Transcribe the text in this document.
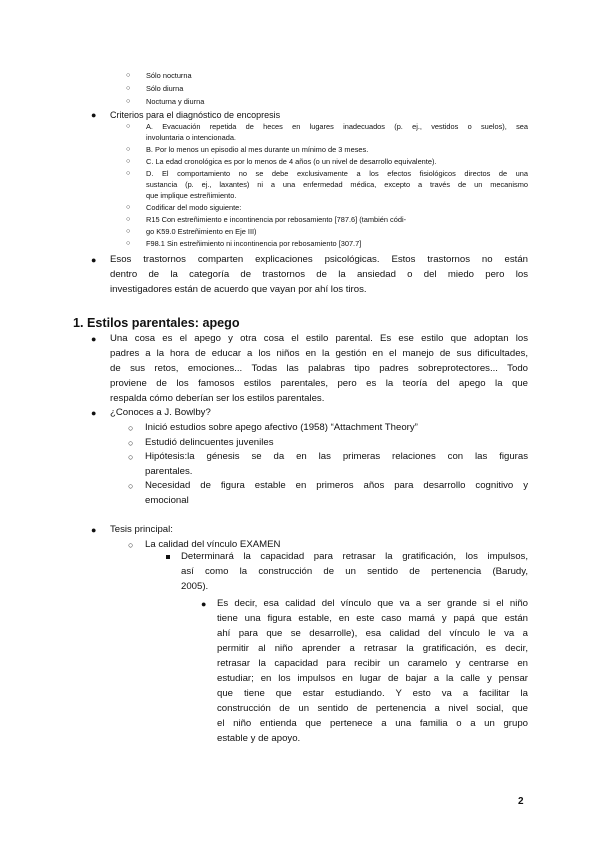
○ Sólo nocturna
○ Sólo diurna
○ Nocturna y diurna
● Criterios para el diagnóstico de encopresis
○ A. Evacuación repetida de heces en lugares inadecuados (p. ej., vestidos o suelos), sea
involuntaria o intencionada.
○ B. Por lo menos un episodio al mes durante un mínimo de 3 meses.
○ C. La edad cronológica es por lo menos de 4 años (o un nivel de desarrollo equivalente).
○ D. El comportamiento no se debe exclusivamente a los efectos fisiológicos directos de una
sustancia (p. ej., laxantes) ni a una enfermedad médica, excepto a través de un mecanismo
que implique estreñimiento.
○ Codificar del modo siguiente:
○ R15 Con estreñimiento e incontinencia por rebosamiento [787.6] (también códi-
○ go K59.0 Estreñimiento en Eje III)
○ F98.1 Sin estreñimiento ni incontinencia por rebosamiento [307.7]
● Esos trastornos comparten explicaciones psicológicas. Estos trastornos no están
dentro de la categoría de trastornos de la ansiedad o del miedo pero los
investigadores están de acuerdo que vayan por ahí los tiros.
1. Estilos parentales: apego
● Una cosa es el apego y otra cosa el estilo parental. Es ese estilo que adoptan los
padres a la hora de educar a los niños en la gestión en el manejo de sus dificultades,
de sus retos, emociones... Todas las palabras tipo padres sobreprotectores... Todo
proviene de los famosos estilos parentales, pero es la teoría del apego la que
respalda cómo deberían ser los estilos parentales.
● ¿Conoces a J. Bowlby?
○ Inició estudios sobre apego afectivo (1958) “Attachment Theory”
○ Estudió delincuentes juveniles
○ Hipótesis:la génesis se da en las primeras relaciones con las figuras
parentales.
○ Necesidad de figura estable en primeros años para desarrollo cognitivo y
emocional
● Tesis principal:
○ La calidad del vínculo EXAMEN
Determinará la capacidad para retrasar la gratificación, los impulsos,
así como la construcción de un sentido de pertenencia (Barudy,
2005).
● Es decir, esa calidad del vínculo que va a ser grande si el niño
tiene una figura estable, en este caso mamá y papá que están
ahí para que se desarrolle), esa calidad del vínculo le va a
permitir al niño aprender a retrasar la gratificación, es decir,
retrasar la capacidad para recibir un caramelo y centrarse en
estudiar; en los impulsos en lugar de bajar a la calle y pensar
que tiene que estar estudiando. Y esto va a facilitar la
construcción de un sentido de pertenencia a nivel social, que
el niño entienda que pertenece a una familia o a un grupo
estable y de apoyo.
2
